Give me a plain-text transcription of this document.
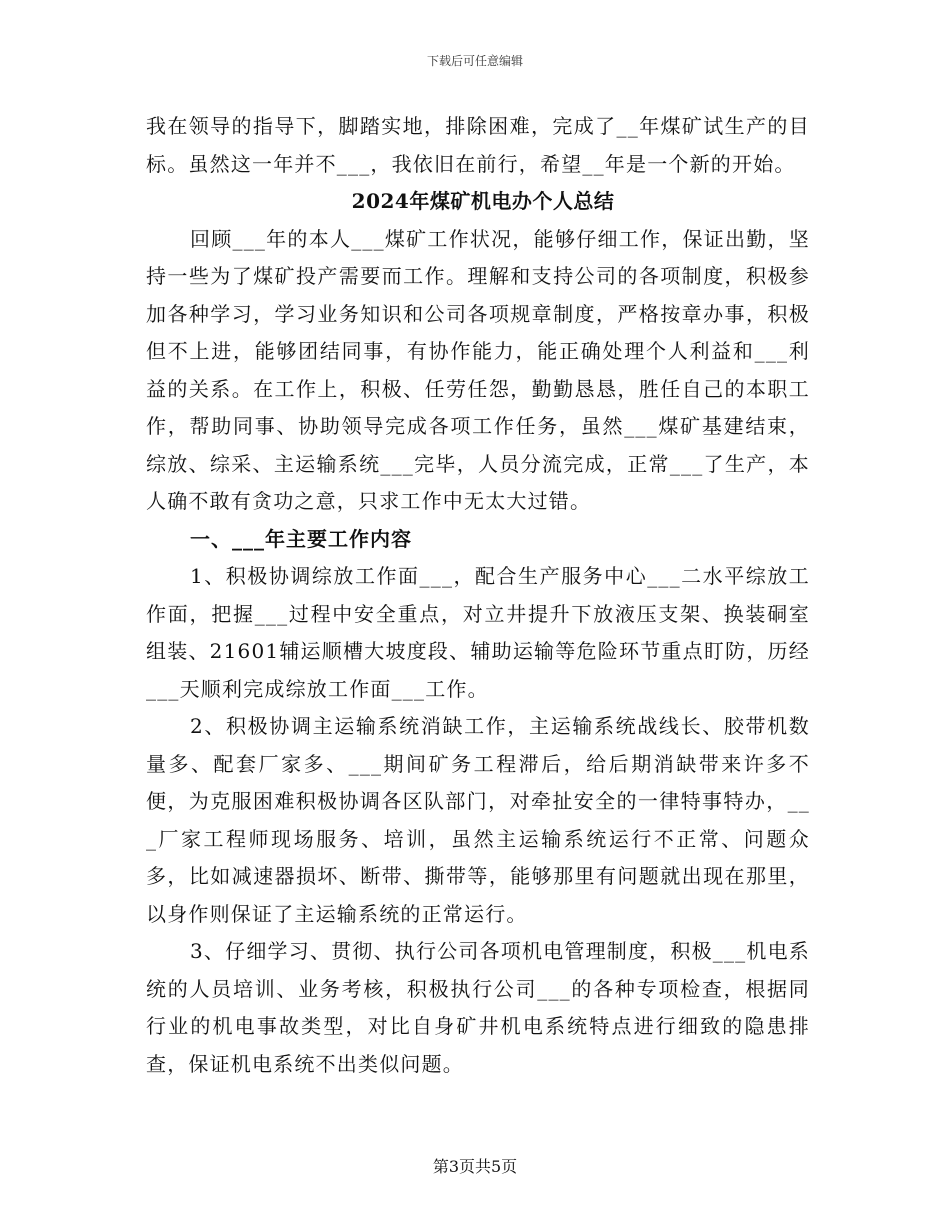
下载后可任意编辑

我在领导的指导下，脚踏实地，排除困难，完成了__年煤矿试生产的目标。虽然这一年并不___，我依旧在前行，希望__年是一个新的开始。

2024年煤矿机电办个人总结

回顾___年的本人___煤矿工作状况，能够仔细工作，保证出勤，坚持一些为了煤矿投产需要而工作。理解和支持公司的各项制度，积极参加各种学习，学习业务知识和公司各项规章制度，严格按章办事，积极但不上进，能够团结同事，有协作能力，能正确处理个人利益和___利益的关系。在工作上，积极、任劳任怨，勤勤恳恳，胜任自己的本职工作，帮助同事、协助领导完成各项工作任务，虽然___煤矿基建结束，综放、综采、主运输系统___完毕，人员分流完成，正常___了生产，本人确不敢有贪功之意，只求工作中无太大过错。

一、___年主要工作内容

1、积极协调综放工作面___，配合生产服务中心___二水平综放工作面，把握___过程中安全重点，对立井提升下放液压支架、换装硐室组装、21601辅运顺槽大坡度段、辅助运输等危险环节重点盯防，历经___天顺利完成综放工作面___工作。

2、积极协调主运输系统消缺工作，主运输系统战线长、胶带机数量多、配套厂家多、___期间矿务工程滞后，给后期消缺带来许多不便，为克服困难积极协调各区队部门，对牵扯安全的一律特事特办，___厂家工程师现场服务、培训，虽然主运输系统运行不正常、问题众多，比如减速器损坏、断带、撕带等，能够那里有问题就出现在那里，以身作则保证了主运输系统的正常运行。

3、仔细学习、贯彻、执行公司各项机电管理制度，积极___机电系统的人员培训、业务考核，积极执行公司___的各种专项检查，根据同行业的机电事故类型，对比自身矿井机电系统特点进行细致的隐患排查，保证机电系统不出类似问题。

第3页共5页
